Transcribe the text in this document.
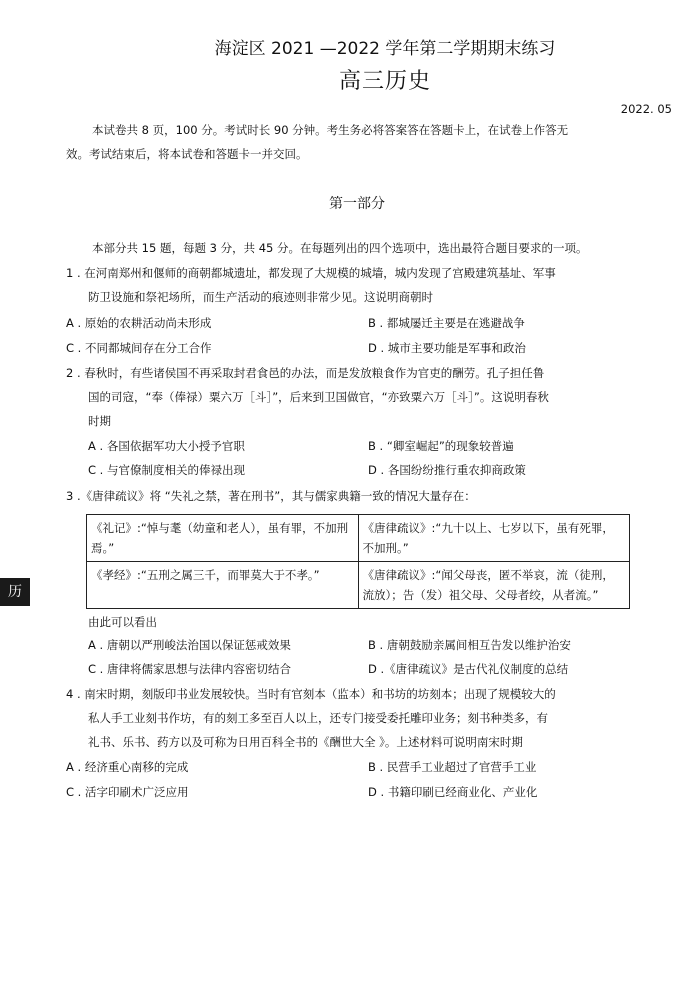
海淀区 2021 —2022 学年第二学期期末练习
高三历史
2022. 05
本试卷共 8 页，100 分。考试时长 90 分钟。考生务必将答案答在答题卡上，在试卷上作答无
效。考试结束后，将本试卷和答题卡一并交回。
第一部分
本部分共 15 题，每题 3 分，共 45 分。在每题列出的四个选项中，选出最符合题目要求的一项。
历
1 . 在河南郑州和偃师的商朝都城遗址，都发现了大规模的城墙，城内发现了宫殿建筑基址、军事
防卫设施和祭祀场所，而生产活动的痕迹则非常少见。这说明商朝时
A . 原始的农耕活动尚未形成	B . 都城屡迁主要是在逃避战争
C . 不同都城间存在分工合作	D . 城市主要功能是军事和政治
2 . 春秋时，有些诸侯国不再采取封君食邑的办法，而是发放粮食作为官吏的酬劳。孔子担任鲁
国的司寇，“奉（俸禄）粟六万［斗］”，后来到卫国做官，“亦致粟六万［斗］”。这说明春秋
时期
A . 各国依据军功大小授予官职	B . “卿室崛起”的现象较普遍
C . 与官僚制度相关的俸禄出现	D . 各国纷纷推行重农抑商政策
3 .《唐律疏议》将 “失礼之禁，著在刑书”，其与儒家典籍一致的情况大量存在：
《礼记》:“悼与耄（幼童和老人），虽有罪，不加刑焉。”	《唐律疏议》:“九十以上、七岁以下，虽有死罪，不加刑。”
《孝经》:“五刑之属三千，而罪莫大于不孝。”	《唐律疏议》:“闻父母丧，匿不举哀，流（徒刑，流放）；告（发）祖父母、父母者绞，从者流。”
由此可以看出
A . 唐朝以严刑峻法治国以保证惩戒效果	B . 唐朝鼓励亲属间相互告发以维护治安
C . 唐律将儒家思想与法律内容密切结合	D .《唐律疏议》是古代礼仪制度的总结
4 . 南宋时期，刻版印书业发展较快。当时有官刻本（监本）和书坊的坊刻本；出现了规模较大的
私人手工业刻书作坊，有的刻工多至百人以上，还专门接受委托雕印业务；刻书种类多，有
礼书、乐书、药方以及可称为日用百科全书的《酬世大全 》。上述材料可说明南宋时期
A . 经济重心南移的完成	B . 民营手工业超过了官营手工业
C . 活字印刷术广泛应用	D . 书籍印刷已经商业化、产业化
